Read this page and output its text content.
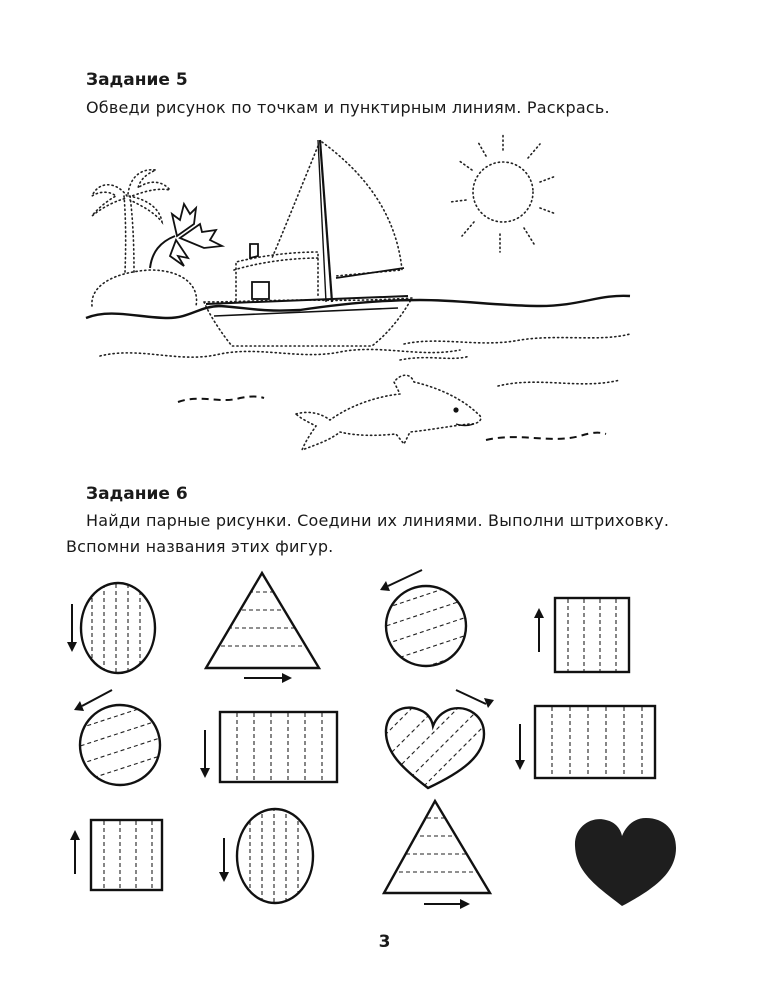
Задание 5
Обведи рисунок по точкам и пунктирным линиям. Раскрась.
Задание 6
Найди парные рисунки. Соедини их линиями. Выполни штриховку.
Вспомни названия этих фигур.
3
